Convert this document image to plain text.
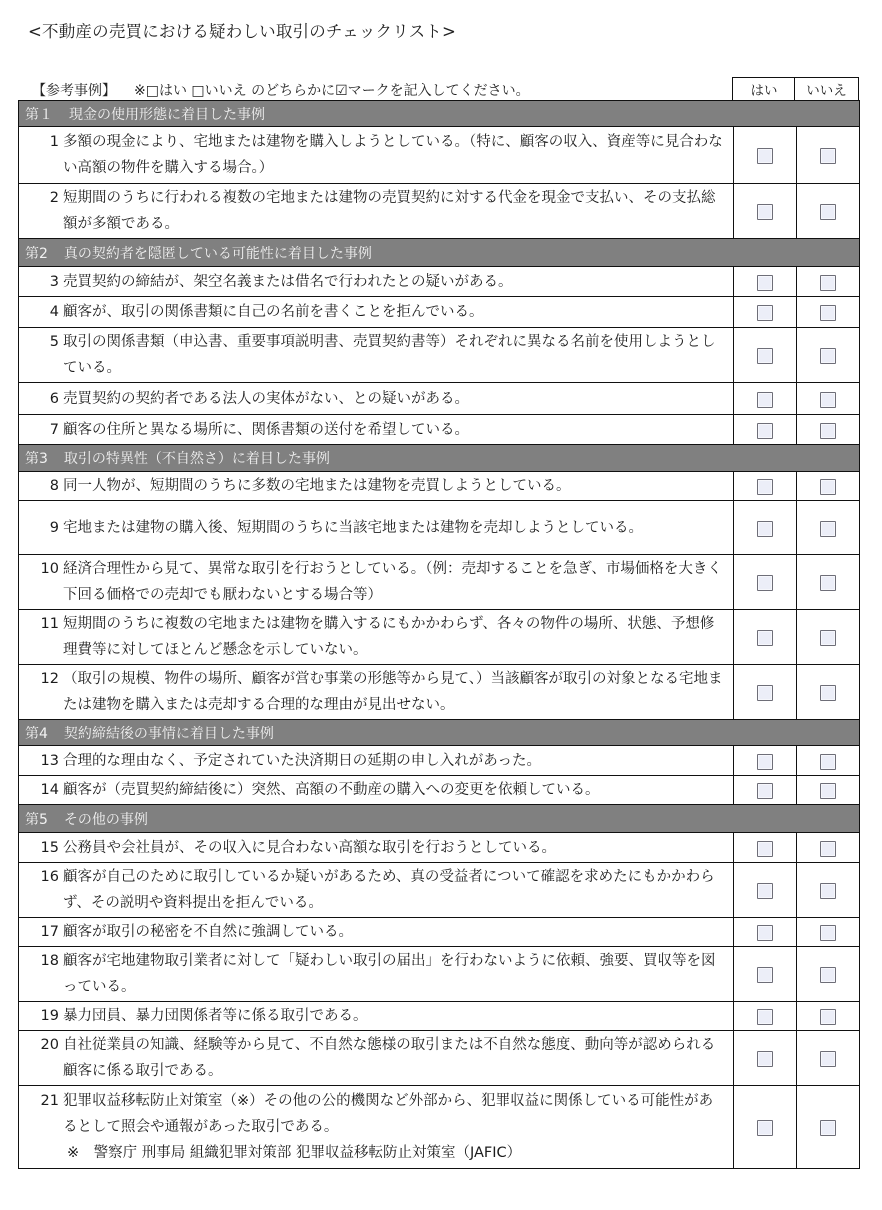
<不動産の売買における疑わしい取引のチェックリスト>
【参考事例】 ※□はい □いいえ のどちらかに☑マークを記入してください。	はい	いいえ
第１ 現金の使用形態に着目した事例		

1 多額の現金により、宅地または建物を購入しようとしている。（特に、顧客の収入、資産等に見合わない高額の物件を購入する場合。）		

2 短期間のうちに行われる複数の宅地または建物の売買契約に対する代金を現金で支払い、その支払総額が多額である。		

第2 真の契約者を隠匿している可能性に着目した事例		

3 売買契約の締結が、架空名義または借名で行われたとの疑いがある。		

4 顧客が、取引の関係書類に自己の名前を書くことを拒んでいる。		

5 取引の関係書類（申込書、重要事項説明書、売買契約書等）それぞれに異なる名前を使用しようとしている。		

6 売買契約の契約者である法人の実体がない、との疑いがある。		

7 顧客の住所と異なる場所に、関係書類の送付を希望している。		

第3 取引の特異性（不自然さ）に着目した事例		

8 同一人物が、短期間のうちに多数の宅地または建物を売買しようとしている。		

9 宅地または建物の購入後、短期間のうちに当該宅地または建物を売却しようとしている。		

10 経済合理性から見て、異常な取引を行おうとしている。（例：売却することを急ぎ、市場価格を大きく下回る価格での売却でも厭わないとする場合等）		

11 短期間のうちに複数の宅地または建物を購入するにもかかわらず、各々の物件の場所、状態、予想修理費等に対してほとんど懸念を示していない。		

12 （取引の規模、物件の場所、顧客が営む事業の形態等から見て、）当該顧客が取引の対象となる宅地または建物を購入または売却する合理的な理由が見出せない。		

第4 契約締結後の事情に着目した事例		

13 合理的な理由なく、予定されていた決済期日の延期の申し入れがあった。		

14 顧客が（売買契約締結後に）突然、高額の不動産の購入への変更を依頼している。		

第5 その他の事例		

15 公務員や会社員が、その収入に見合わない高額な取引を行おうとしている。		

16 顧客が自己のために取引しているか疑いがあるため、真の受益者について確認を求めたにもかかわらず、その説明や資料提出を拒んでいる。		

17 顧客が取引の秘密を不自然に強調している。		

18 顧客が宅地建物取引業者に対して「疑わしい取引の届出」を行わないように依頼、強要、買収等を図っている。		

19 暴力団員、暴力団関係者等に係る取引である。		

20 自社従業員の知識、経験等から見て、不自然な態様の取引または不自然な態度、動向等が認められる顧客に係る取引である。		

21 犯罪収益移転防止対策室（※）その他の公的機関など外部から、犯罪収益に関係している可能性があるとして照会や通報があった取引である。
※　警察庁 刑事局 組織犯罪対策部 犯罪収益移転防止対策室（JAFIC）		
